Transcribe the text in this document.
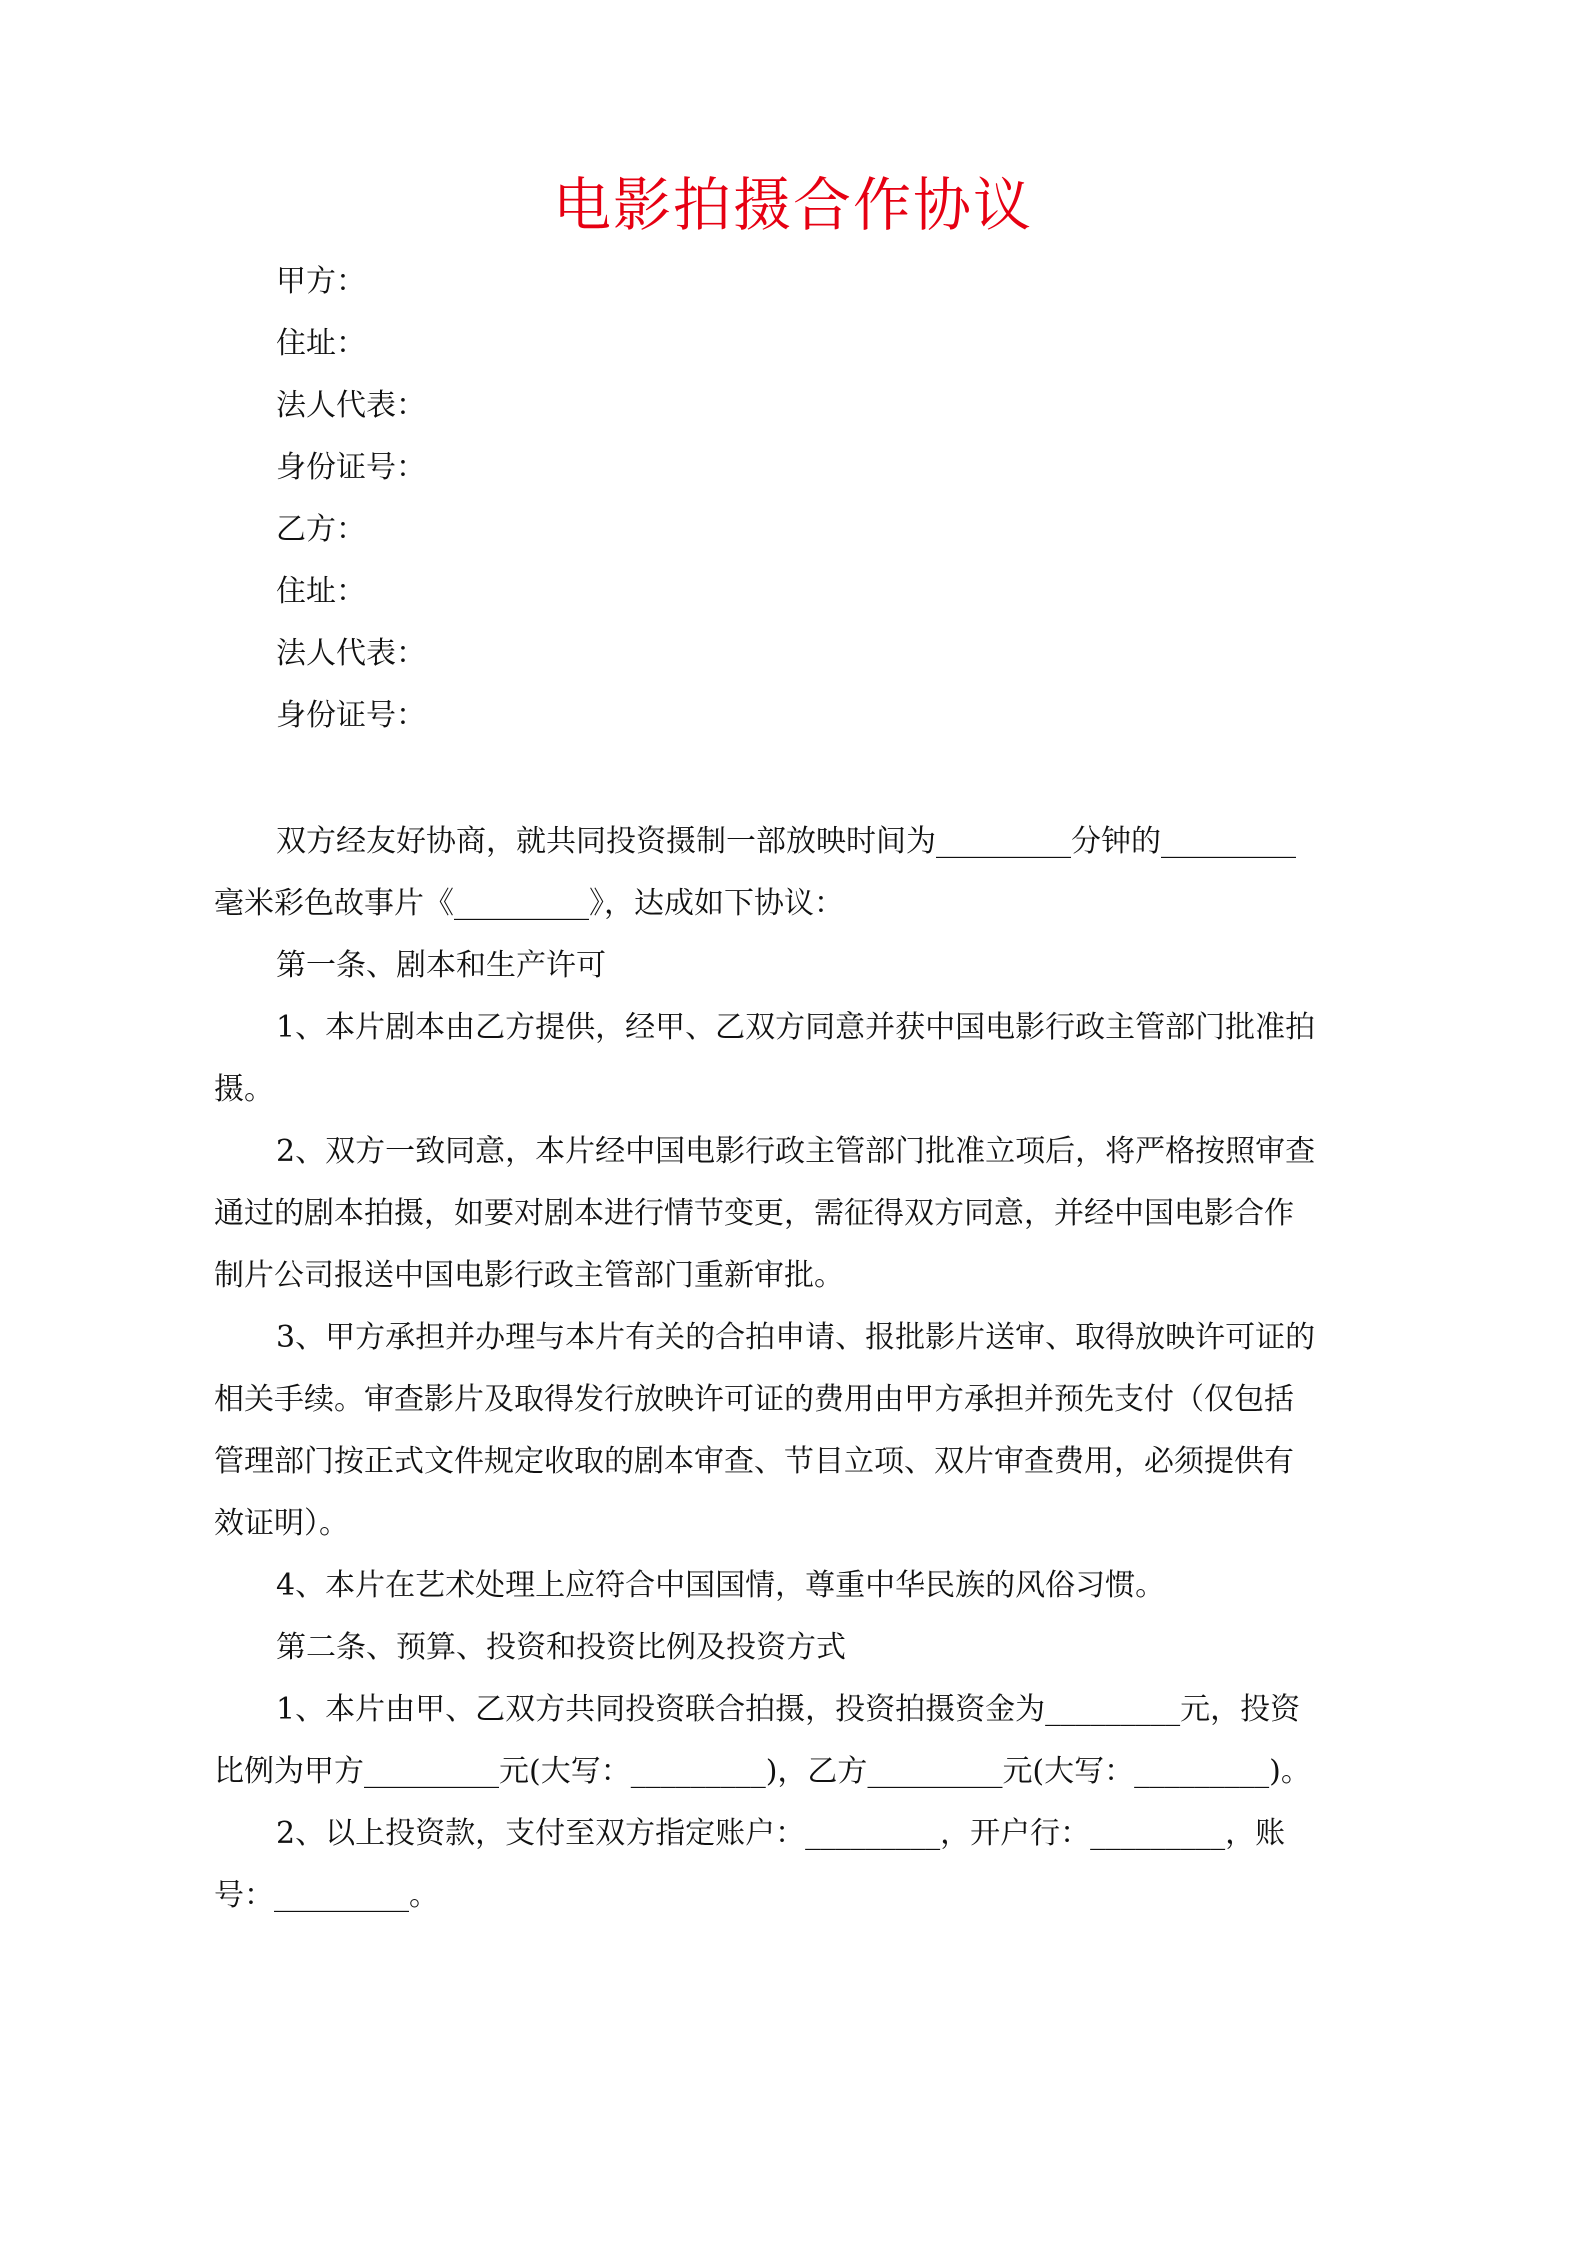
电影拍摄合作协议
甲方：
住址：
法人代表：
身份证号：
乙方：
住址：
法人代表：
身份证号：
双方经友好协商，就共同投资摄制一部放映时间为_________分钟的_________
毫米彩色故事片《_________》，达成如下协议：
第一条、剧本和生产许可
1、本片剧本由乙方提供，经甲、乙双方同意并获中国电影行政主管部门批准拍
摄。
2、双方一致同意，本片经中国电影行政主管部门批准立项后，将严格按照审查
通过的剧本拍摄，如要对剧本进行情节变更，需征得双方同意，并经中国电影合作
制片公司报送中国电影行政主管部门重新审批。
3、甲方承担并办理与本片有关的合拍申请、报批影片送审、取得放映许可证的
相关手续。审查影片及取得发行放映许可证的费用由甲方承担并预先支付（仅包括
管理部门按正式文件规定收取的剧本审查、节目立项、双片审查费用，必须提供有
效证明）。
4、本片在艺术处理上应符合中国国情，尊重中华民族的风俗习惯。
第二条、预算、投资和投资比例及投资方式
1、本片由甲、乙双方共同投资联合拍摄，投资拍摄资金为_________元，投资
比例为甲方_________元(大写：_________)，乙方_________元(大写：_________)。
2、以上投资款，支付至双方指定账户：_________，开户行：_________，账
号：_________。
